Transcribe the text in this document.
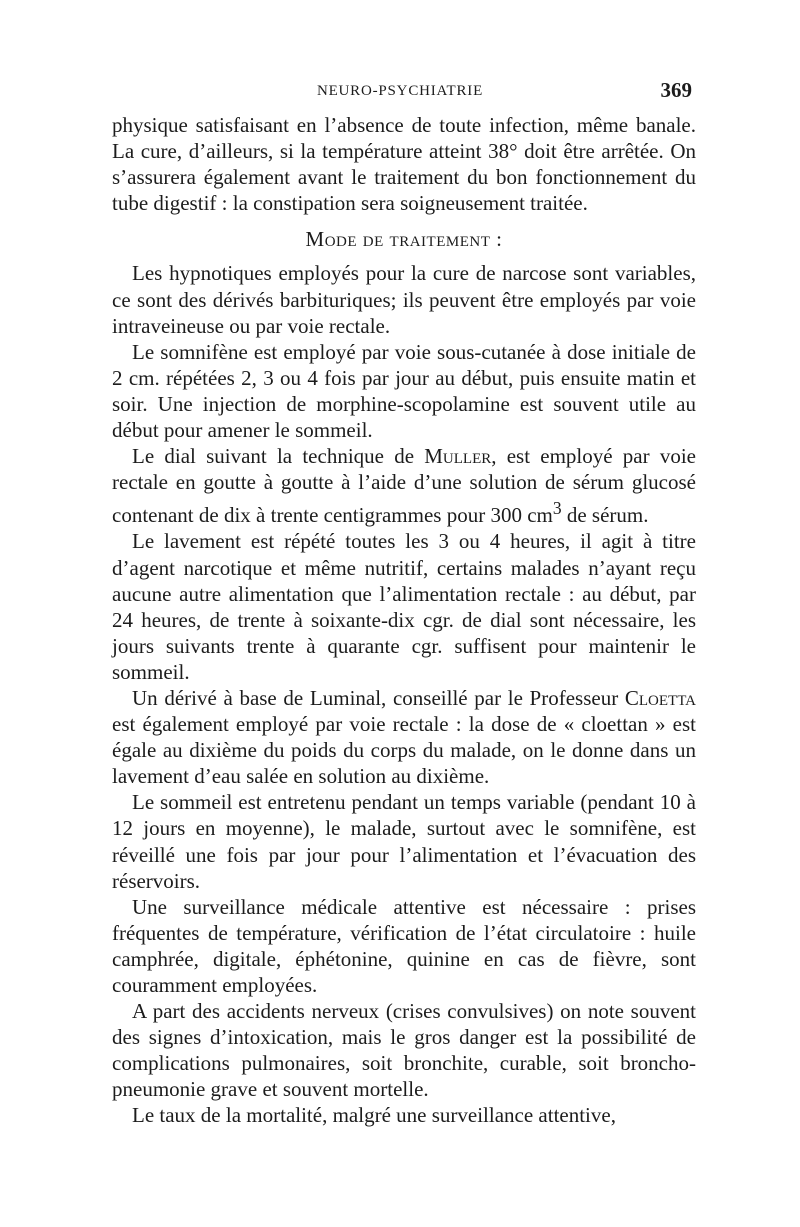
NEURO-PSYCHIATRIE	369

physique satisfaisant en l’absence de toute infection, même banale. La cure, d’ailleurs, si la température atteint 38° doit être arrêtée. On s’assurera également avant le traitement du bon fonctionnement du tube digestif : la constipation sera soigneusement traitée.

Mode de traitement :

Les hypnotiques employés pour la cure de narcose sont variables, ce sont des dérivés barbituriques; ils peuvent être employés par voie intraveineuse ou par voie rectale.

Le somnifène est employé par voie sous-cutanée à dose initiale de 2 cm. répétées 2, 3 ou 4 fois par jour au début, puis ensuite matin et soir. Une injection de morphine-scopolamine est souvent utile au début pour amener le sommeil.

Le dial suivant la technique de Muller, est employé par voie rectale en goutte à goutte à l’aide d’une solution de sérum glucosé contenant de dix à trente centigrammes pour 300 $cm^3$ de sérum.

Le lavement est répété toutes les 3 ou 4 heures, il agit à titre d’agent narcotique et même nutritif, certains malades n’ayant reçu aucune autre alimentation que l’alimentation rectale : au début, par 24 heures, de trente à soixante-dix cgr. de dial sont nécessaire, les jours suivants trente à quarante cgr. suffisent pour maintenir le sommeil.

Un dérivé à base de Luminal, conseillé par le Professeur Cloetta est également employé par voie rectale : la dose de « cloettan » est égale au dixième du poids du corps du malade, on le donne dans un lavement d’eau salée en solution au dixième.

Le sommeil est entretenu pendant un temps variable (pendant 10 à 12 jours en moyenne), le malade, surtout avec le somnifène, est réveillé une fois par jour pour l’alimentation et l’évacuation des réservoirs.

Une surveillance médicale attentive est nécessaire : prises fréquentes de température, vérification de l’état circulatoire : huile camphrée, digitale, éphétonine, quinine en cas de fièvre, sont couramment employées.

A part des accidents nerveux (crises convulsives) on note souvent des signes d’intoxication, mais le gros danger est la possibilité de complications pulmonaires, soit bronchite, curable, soit broncho-pneumonie grave et souvent mortelle.

Le taux de la mortalité, malgré une surveillance attentive,
